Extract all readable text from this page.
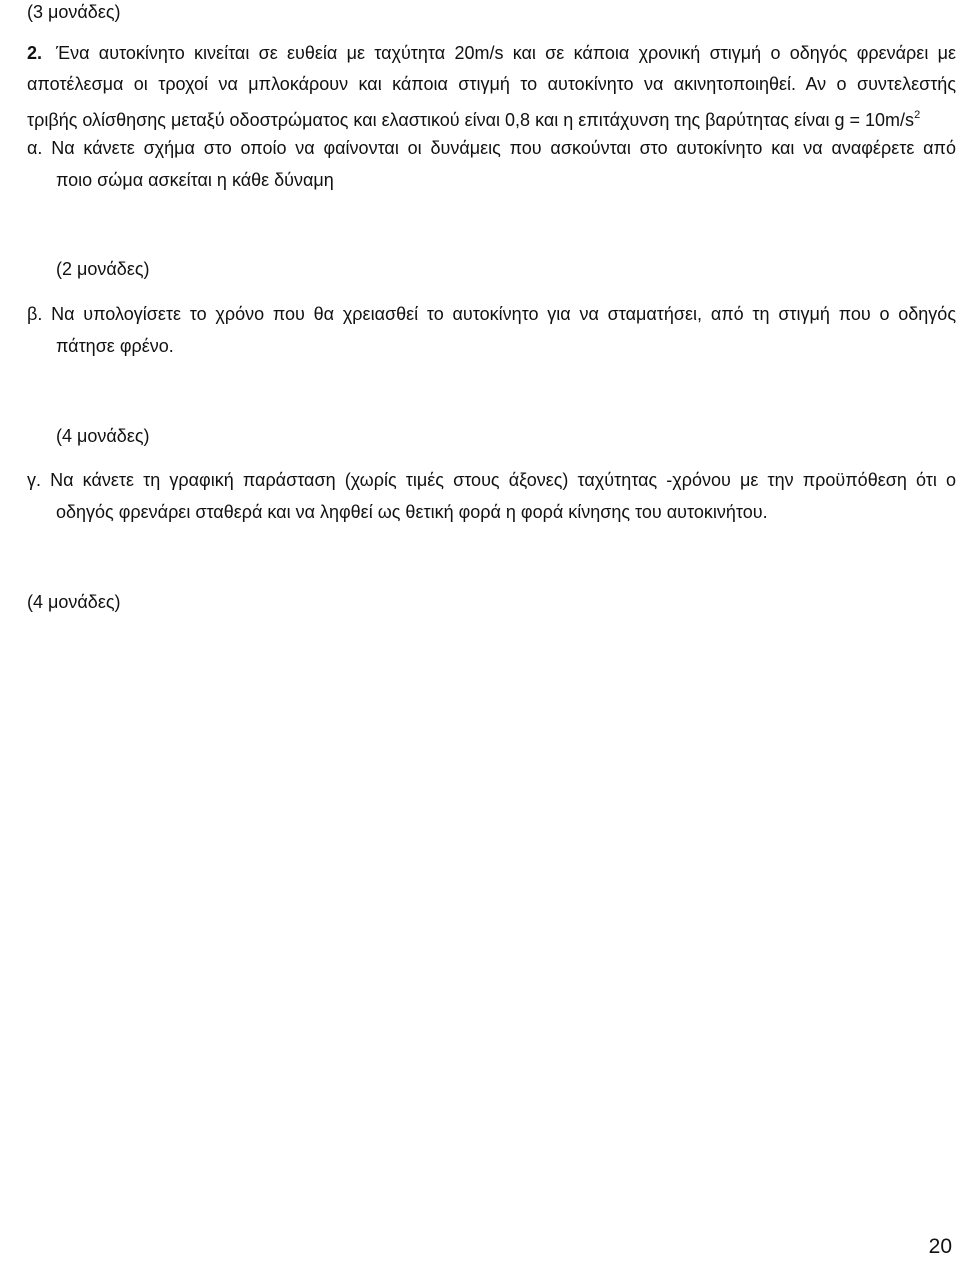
(3 μονάδες)
2. Ένα αυτοκίνητο κινείται σε ευθεία με ταχύτητα 20m/s και σε κάποια χρονική στιγμή ο οδηγός φρενάρει με
αποτέλεσμα οι τροχοί να μπλοκάρουν και κάποια στιγμή το αυτοκίνητο να ακινητοποιηθεί. Αν ο συντελεστής
τριβής ολίσθησης μεταξύ οδοστρώματος και ελαστικού είναι 0,8 και η επιτάχυνση της βαρύτητας είναι $g = 10m/s^2$
α. Να κάνετε σχήμα στο οποίο να φαίνονται οι δυνάμεις που ασκούνται στο αυτοκίνητο και να αναφέρετε από
ποιο σώμα ασκείται η κάθε δύναμη
(2 μονάδες)
β. Να υπολογίσετε το χρόνο που θα χρειασθεί το αυτοκίνητο για να σταματήσει, από τη στιγμή που ο οδηγός
πάτησε φρένο.
(4 μονάδες)
γ. Να κάνετε τη γραφική παράσταση (χωρίς τιμές στους άξονες) ταχύτητας -χρόνου με την προϋπόθεση ότι ο
οδηγός φρενάρει σταθερά και να ληφθεί ως θετική φορά η φορά κίνησης του αυτοκινήτου.
(4 μονάδες)
20
